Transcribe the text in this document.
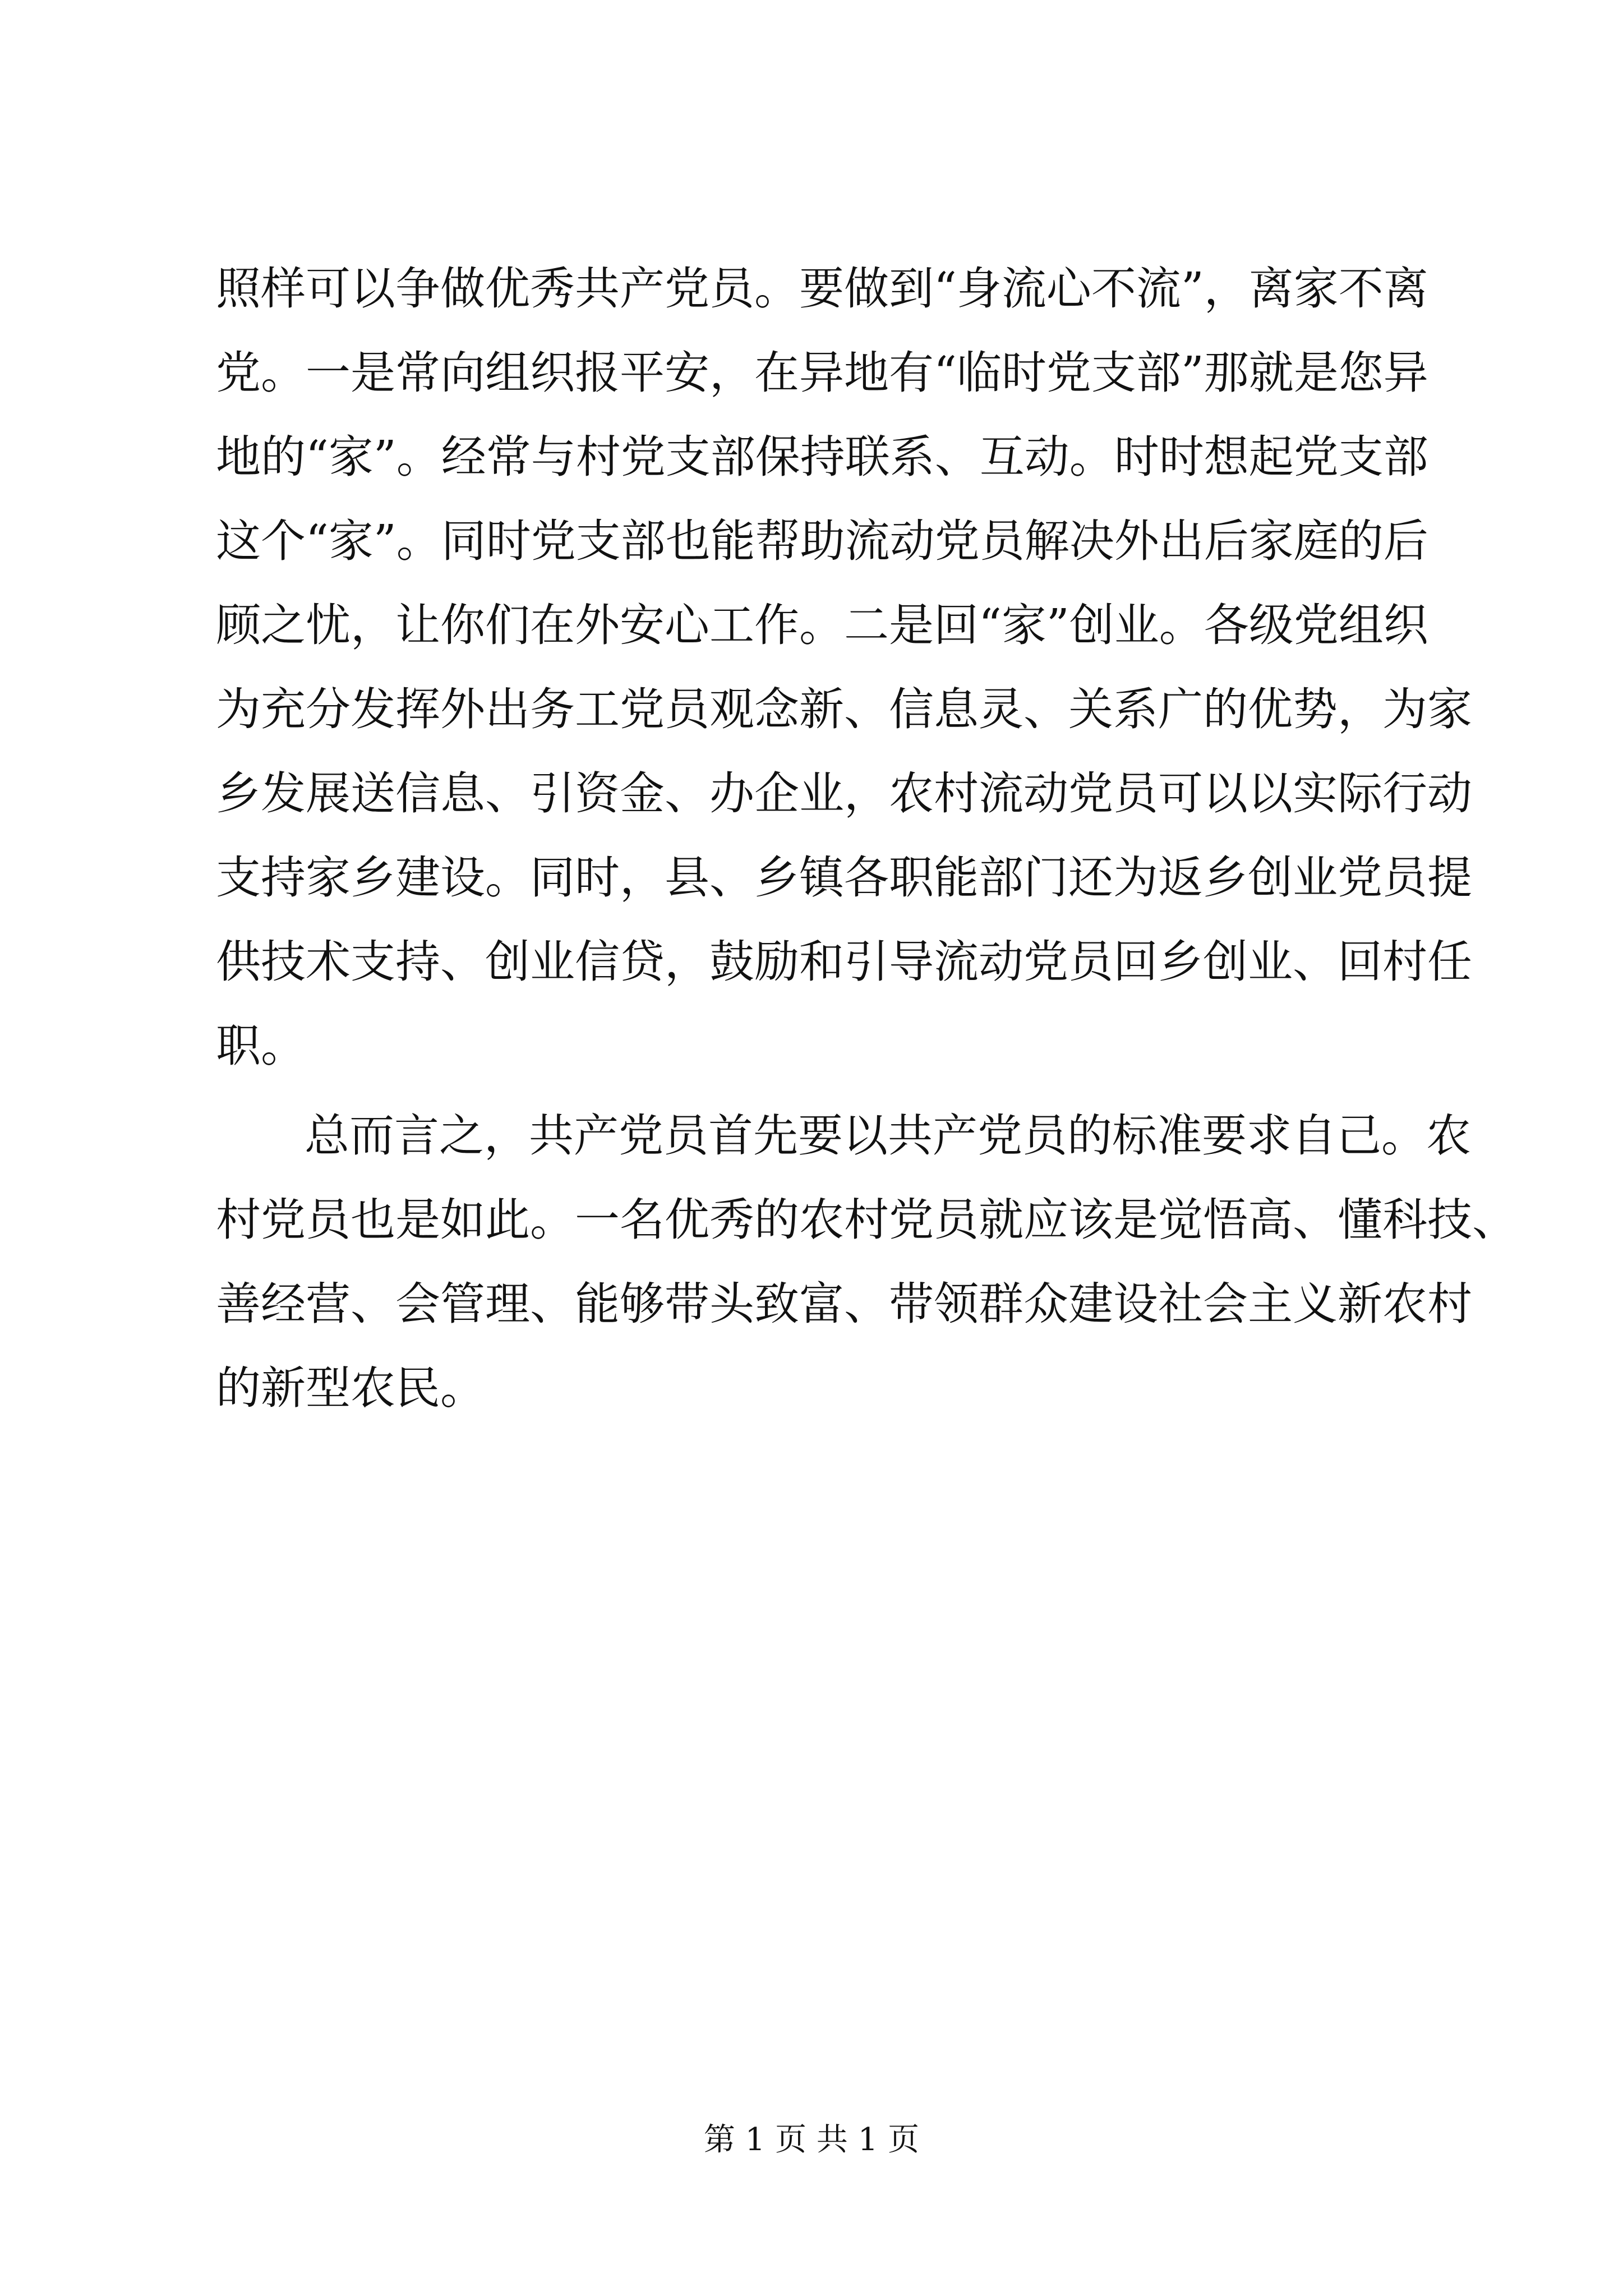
照样可以争做优秀共产党员。要做到“身流心不流”，离家不离
党。一是常向组织报平安，在异地有“临时党支部”那就是您异
地的“家”。经常与村党支部保持联系、互动。时时想起党支部
这个“家”。同时党支部也能帮助流动党员解决外出后家庭的后
顾之忧，让你们在外安心工作。二是回“家”创业。各级党组织
为充分发挥外出务工党员观念新、信息灵、关系广的优势，为家
乡发展送信息、引资金、办企业，农村流动党员可以以实际行动
支持家乡建设。同时，县、乡镇各职能部门还为返乡创业党员提
供技术支持、创业信贷，鼓励和引导流动党员回乡创业、回村任
职。
总而言之，共产党员首先要以共产党员的标准要求自己。农
村党员也是如此。一名优秀的农村党员就应该是觉悟高、懂科技、
善经营、会管理、能够带头致富、带领群众建设社会主义新农村
的新型农民。
第 1 页 共 1 页
